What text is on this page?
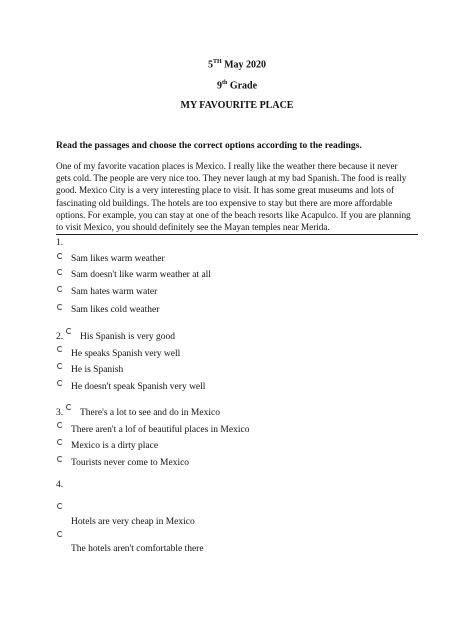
5TH May 2020
9th Grade
MY FAVOURITE PLACE
Read the passages and choose the correct options according to the readings.
One of my favorite vacation places is Mexico. I really like the weather there because it never
gets cold. The people are very nice too. They never laugh at my bad Spanish. The food is really
good. Mexico City is a very interesting place to visit. It has some great museums and lots of
fascinating old buildings. The hotels are too expensive to stay but there are more affordable
options. For example, you can stay at one of the beach resorts like Acapulco. If you are planning
to visit Mexico, you should definitely see the Mayan temples near Merida.
1.
Sam likes warm weather
Sam doesn't like warm weather at all
Sam hates warm water
Sam likes cold weather
2. His Spanish is very good
He speaks Spanish very well
He is Spanish
He doesn't speak Spanish very well
3. There's a lot to see and do in Mexico
There aren't a lof of beautiful places in Mexico
Mexico is a dirty place
Tourists never come to Mexico
4.
Hotels are very cheap in Mexico
The hotels aren't comfortable there
